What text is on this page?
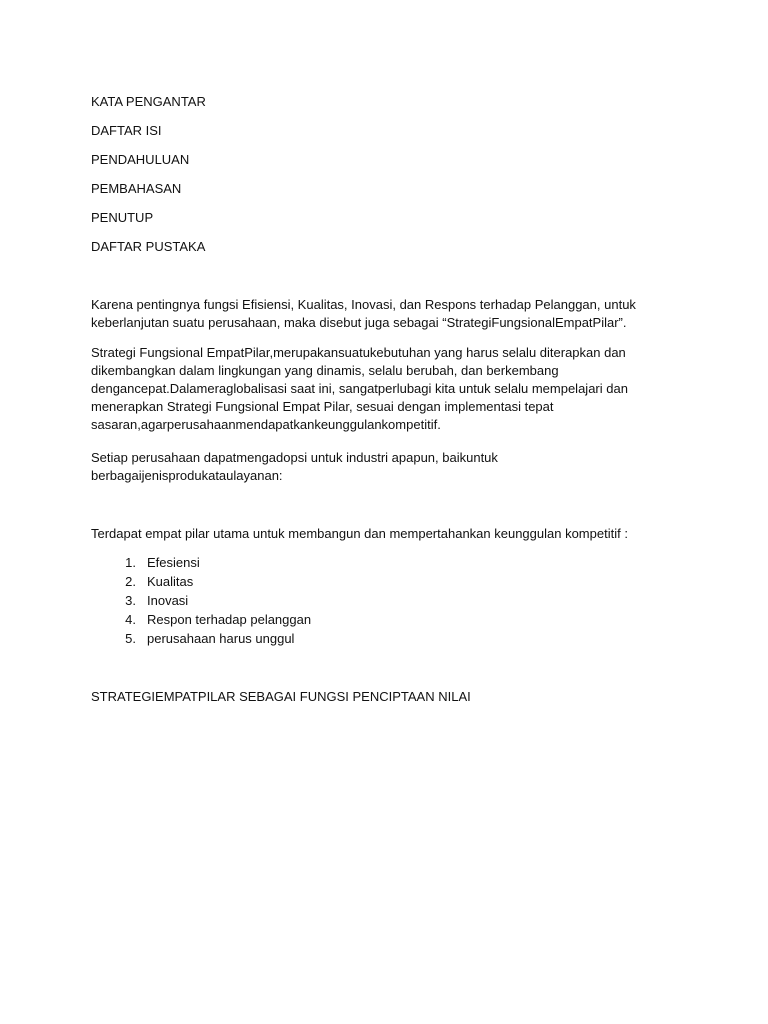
KATA PENGANTAR
DAFTAR ISI
PENDAHULUAN
PEMBAHASAN
PENUTUP
DAFTAR PUSTAKA

Karena pentingnya fungsi Efisiensi, Kualitas, Inovasi, dan Respons terhadap Pelanggan, untuk
keberlanjutan suatu perusahaan, maka disebut juga sebagai “StrategiFungsionalEmpatPilar”.

Strategi Fungsional EmpatPilar,merupakansuatukebutuhan yang harus selalu diterapkan dan
dikembangkan dalam lingkungan yang dinamis, selalu berubah, dan berkembang
dengancepat.Dalameraglobalisasi saat ini, sangatperlubagi kita untuk selalu mempelajari dan
menerapkan Strategi Fungsional Empat Pilar, sesuai dengan implementasi tepat
sasaran,agarperusahaanmendapatkankeunggulankompetitif.

Setiap perusahaan dapatmengadopsi untuk industri apapun, baikuntuk
berbagaijenisprodukataulayanan:

Terdapat empat pilar utama untuk membangun dan mempertahankan keunggulan kompetitif :

1. Efesiensi
2. Kualitas
3. Inovasi
4. Respon terhadap pelanggan
5. perusahaan harus unggul
STRATEGIEMPATPILAR SEBAGAI FUNGSI PENCIPTAAN NILAI
